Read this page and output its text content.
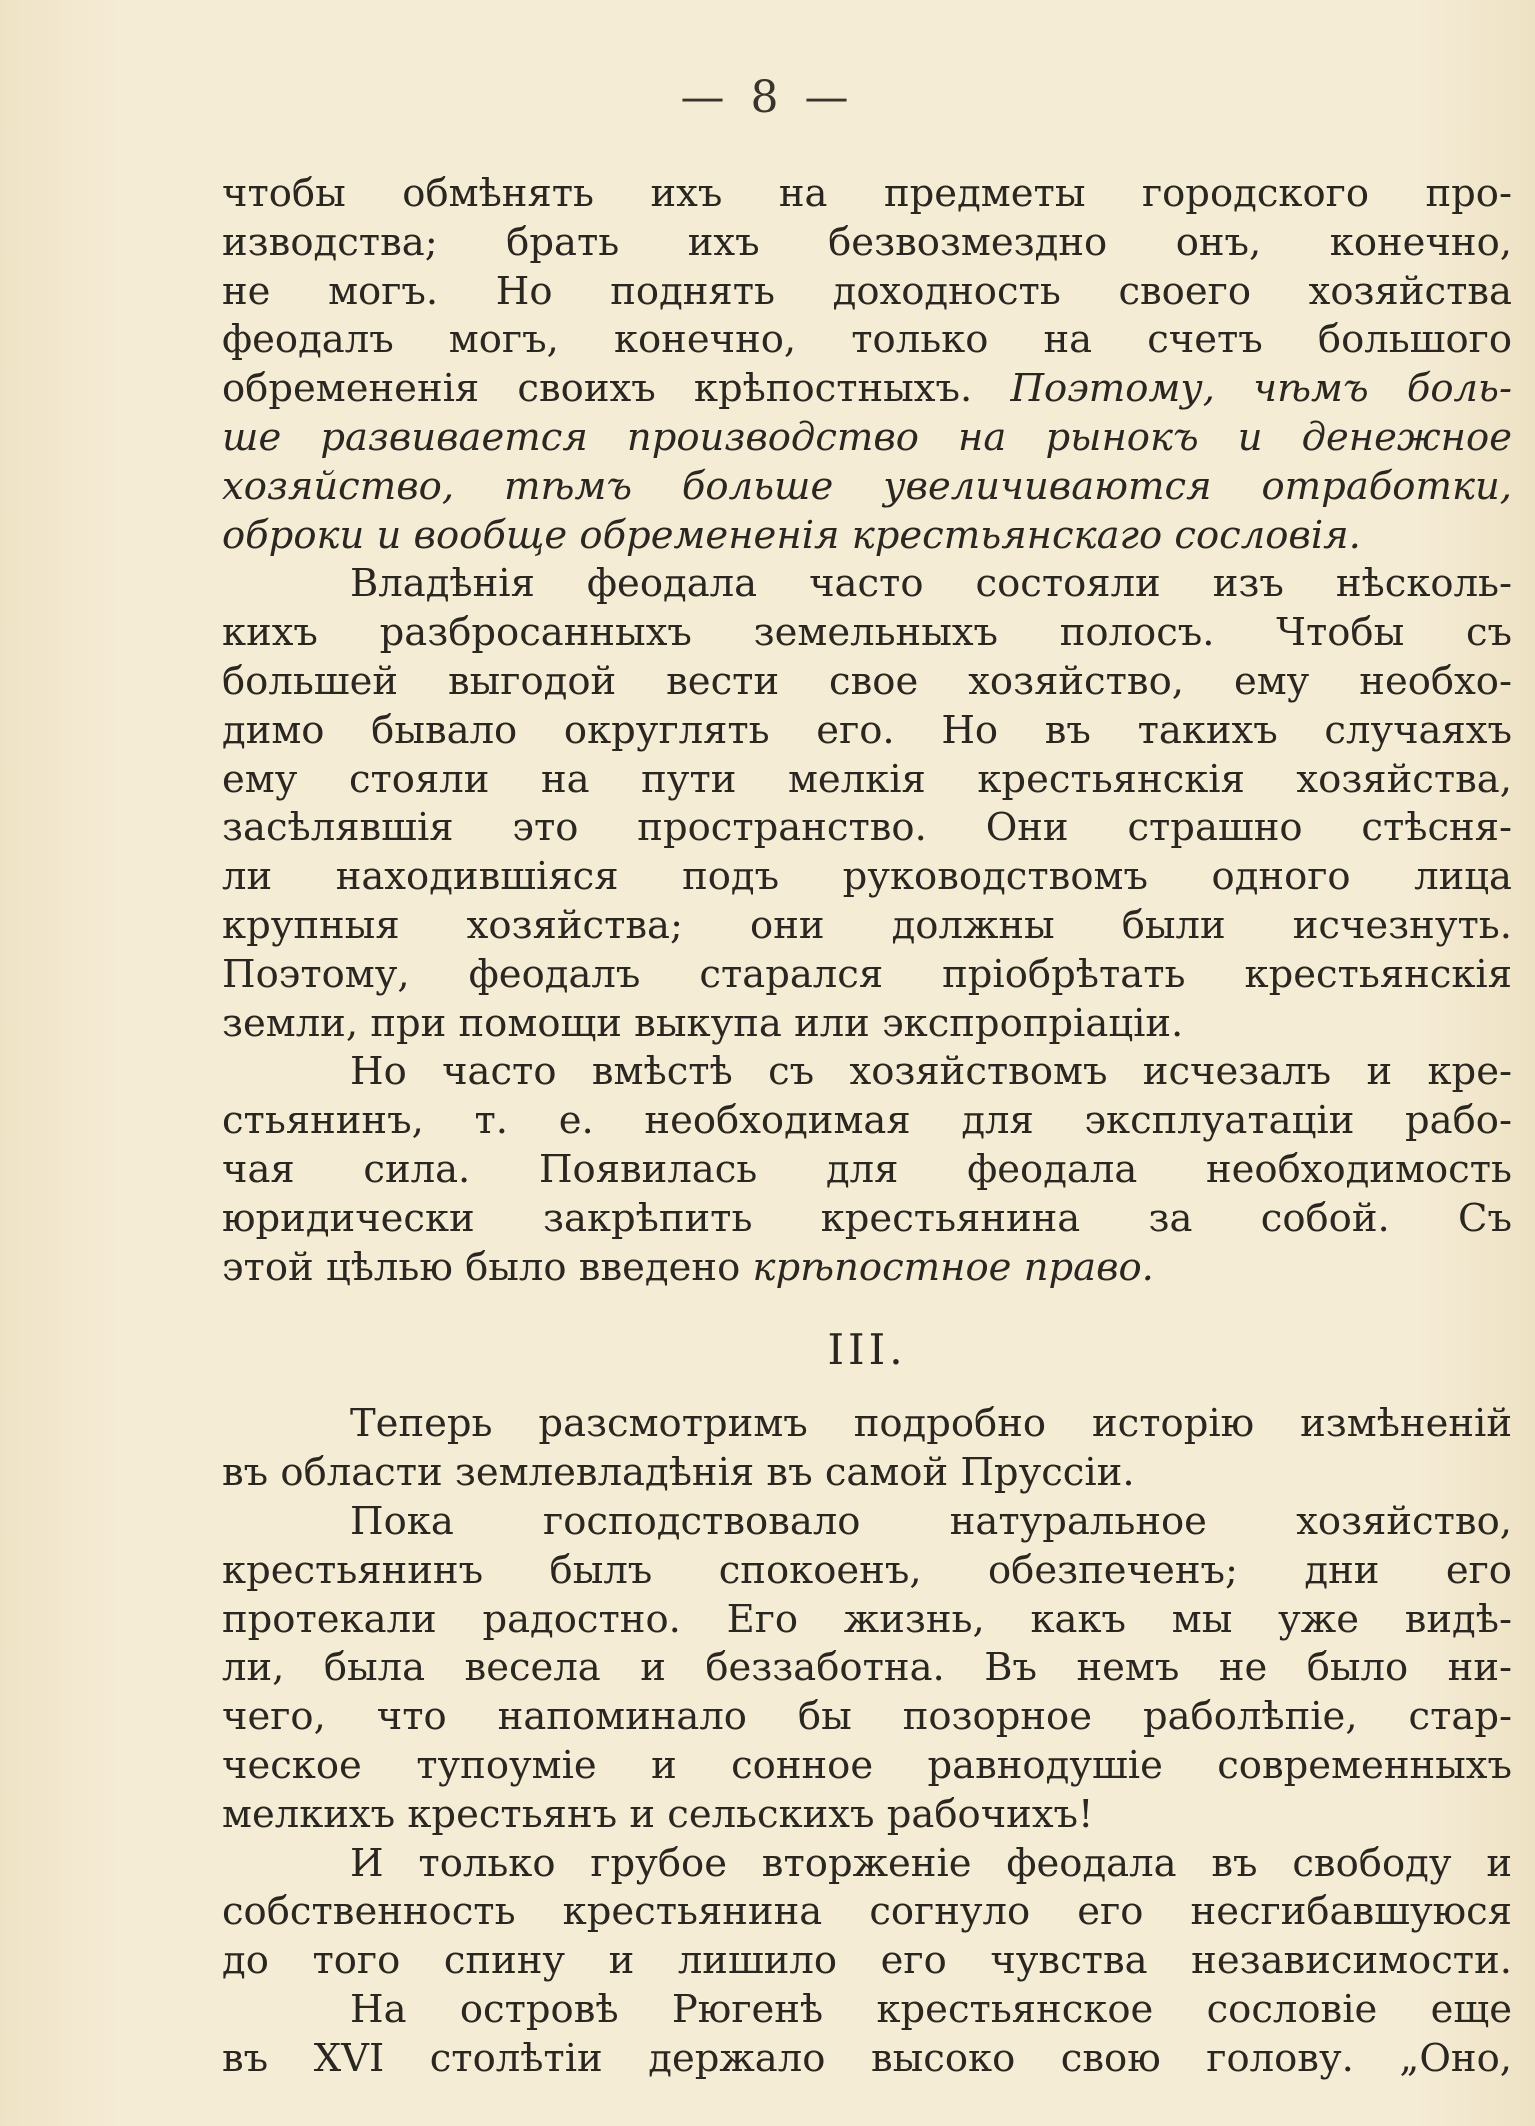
— 8 —
чтобы обмѣнять ихъ на предметы городского про-
изводства; брать ихъ безвозмездно онъ, конечно,
не могъ. Но поднять доходность своего хозяйства
феодалъ могъ, конечно, только на счетъ большого
обремененія своихъ крѣпостныхъ. Поэтому, чѣмъ боль-
ше развивается производство на рынокъ и денежное
хозяйство, тѣмъ больше увеличиваются отработки,
оброки и вообще обремененія крестьянскаго сословія.
Владѣнія феодала часто состояли изъ нѣсколь-
кихъ разбросанныхъ земельныхъ полосъ. Чтобы съ
большей выгодой вести свое хозяйство, ему необхо-
димо бывало округлять его. Но въ такихъ случаяхъ
ему стояли на пути мелкія крестьянскія хозяйства,
засѣлявшія это пространство. Они страшно стѣсня-
ли находившіяся подъ руководствомъ одного лица
крупныя хозяйства; они должны были исчезнуть.
Поэтому, феодалъ старался пріобрѣтать крестьянскія
земли, при помощи выкупа или экспропріаціи.
Но часто вмѣстѣ съ хозяйствомъ исчезалъ и кре-
стьянинъ, т. е. необходимая для эксплуатаціи рабо-
чая сила. Появилась для феодала необходимость
юридически закрѣпить крестьянина за собой. Съ
этой цѣлью было введено крѣпостное право.
III.
Теперь разсмотримъ подробно исторію измѣненій
въ области землевладѣнія въ самой Пруссіи.
Пока господствовало натуральное хозяйство,
крестьянинъ былъ спокоенъ, обезпеченъ; дни его
протекали радостно. Его жизнь, какъ мы уже видѣ-
ли, была весела и беззаботна. Въ немъ не было ни-
чего, что напоминало бы позорное раболѣпіе, стар-
ческое тупоуміе и сонное равнодушіе современныхъ
мелкихъ крестьянъ и сельскихъ рабочихъ!
И только грубое вторженіе феодала въ свободу и
собственность крестьянина согнуло его несгибавшуюся
до того спину и лишило его чувства независимости.
На островѣ Рюгенѣ крестьянское сословіе еще
въ XVI столѣтіи держало высоко свою голову. „Оно,
